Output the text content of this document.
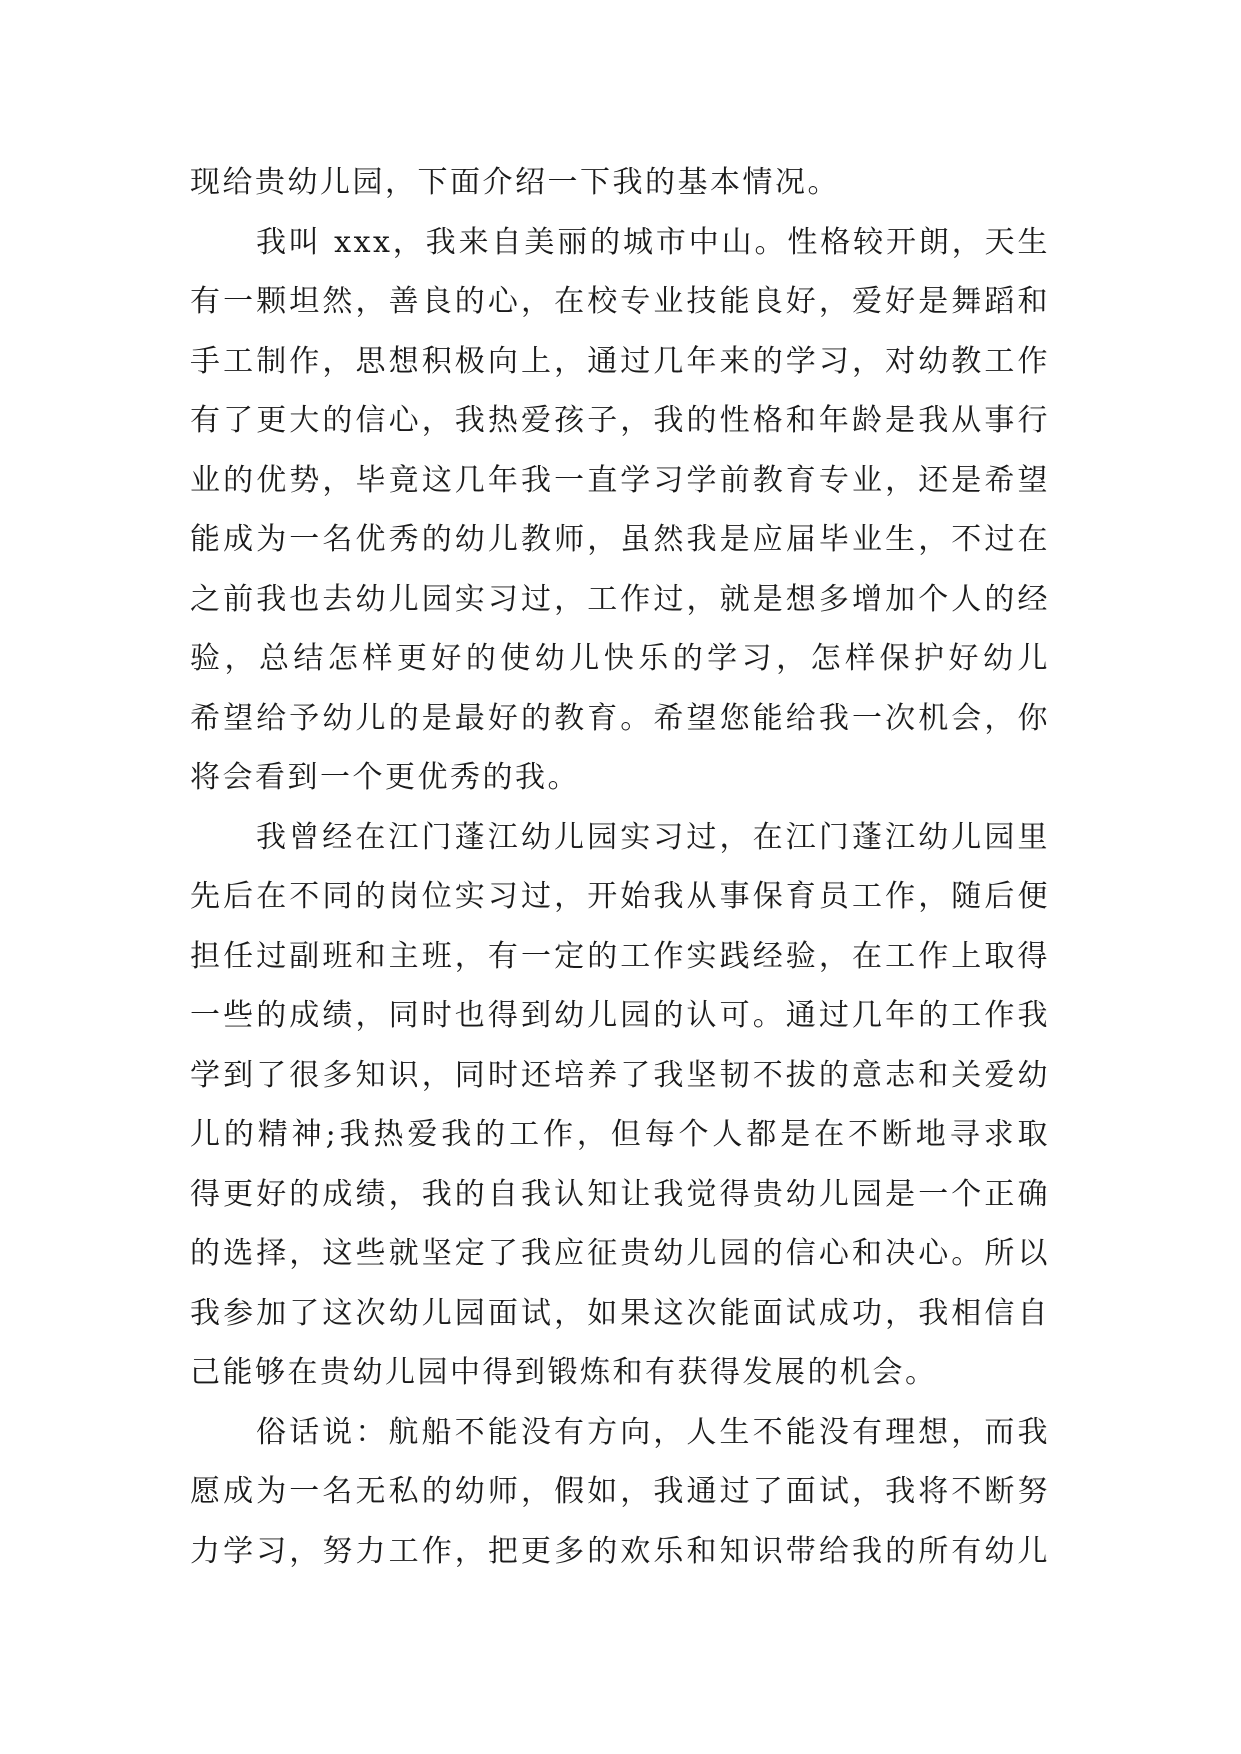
现给贵幼儿园，下面介绍一下我的基本情况。
我叫 xxx，我来自美丽的城市中山。性格较开朗，天生
有一颗坦然，善良的心，在校专业技能良好，爱好是舞蹈和
手工制作，思想积极向上，通过几年来的学习，对幼教工作
有了更大的信心，我热爱孩子，我的性格和年龄是我从事行
业的优势，毕竟这几年我一直学习学前教育专业，还是希望
能成为一名优秀的幼儿教师，虽然我是应届毕业生，不过在
之前我也去幼儿园实习过，工作过，就是想多增加个人的经
验，总结怎样更好的使幼儿快乐的学习，怎样保护好幼儿
希望给予幼儿的是最好的教育。希望您能给我一次机会，你
将会看到一个更优秀的我。
我曾经在江门蓬江幼儿园实习过，在江门蓬江幼儿园里
先后在不同的岗位实习过，开始我从事保育员工作，随后便
担任过副班和主班，有一定的工作实践经验，在工作上取得
一些的成绩，同时也得到幼儿园的认可。通过几年的工作我
学到了很多知识，同时还培养了我坚韧不拔的意志和关爱幼
儿的精神;我热爱我的工作，但每个人都是在不断地寻求取
得更好的成绩，我的自我认知让我觉得贵幼儿园是一个正确
的选择，这些就坚定了我应征贵幼儿园的信心和决心。所以
我参加了这次幼儿园面试，如果这次能面试成功，我相信自
己能够在贵幼儿园中得到锻炼和有获得发展的机会。
俗话说：航船不能没有方向，人生不能没有理想，而我
愿成为一名无私的幼师，假如，我通过了面试，我将不断努
力学习，努力工作，把更多的欢乐和知识带给我的所有幼儿
